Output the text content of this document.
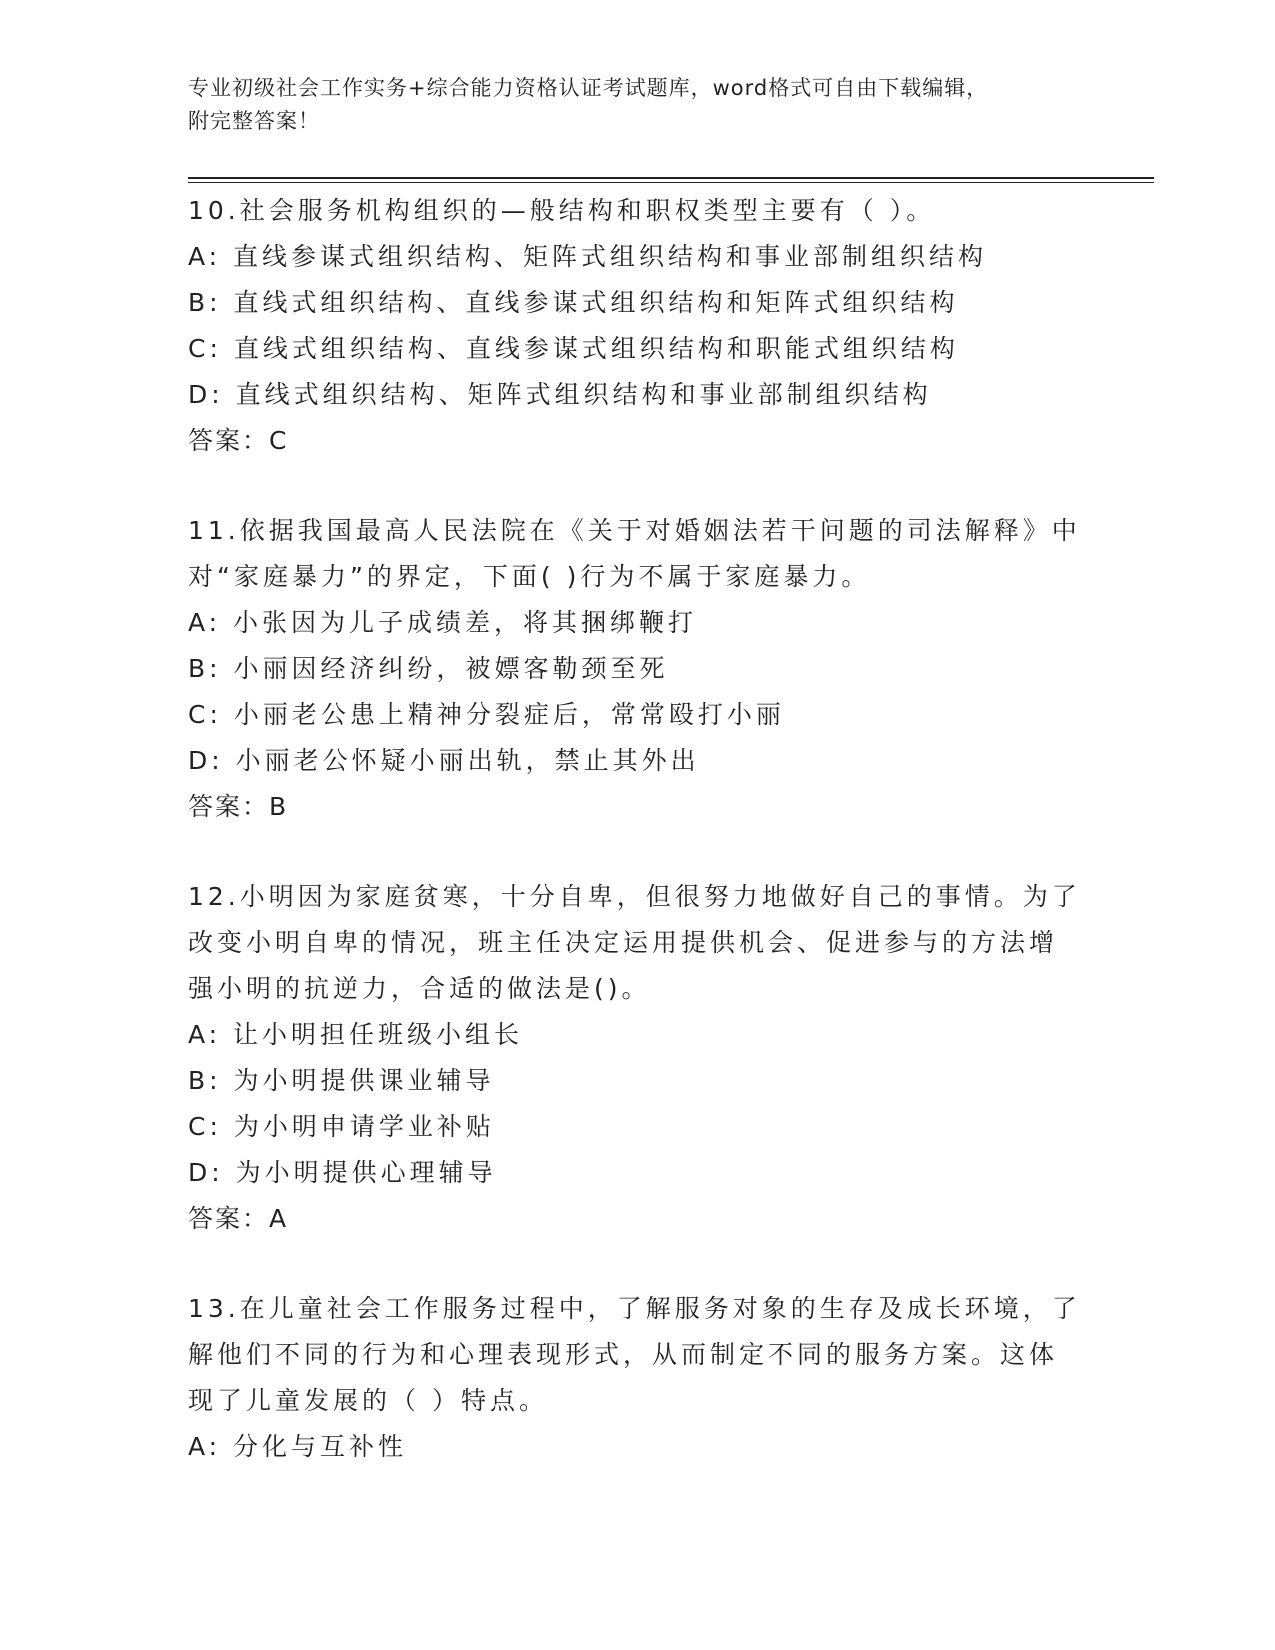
专业初级社会工作实务+综合能力资格认证考试题库，word格式可自由下载编辑，
附完整答案！
10.社会服务机构组织的—般结构和职权类型主要有（ ）。
A: 直线参谋式组织结构、矩阵式组织结构和事业部制组织结构
B: 直线式组织结构、直线参谋式组织结构和矩阵式组织结构
C: 直线式组织结构、直线参谋式组织结构和职能式组织结构
D: 直线式组织结构、矩阵式组织结构和事业部制组织结构
答案：C
11.依据我国最高人民法院在《关于对婚姻法若干问题的司法解释》中
对“家庭暴力”的界定，下面( )行为不属于家庭暴力。
A: 小张因为儿子成绩差，将其捆绑鞭打
B: 小丽因经济纠纷，被嫖客勒颈至死
C: 小丽老公患上精神分裂症后，常常殴打小丽
D: 小丽老公怀疑小丽出轨，禁止其外出
答案：B
12.小明因为家庭贫寒，十分自卑，但很努力地做好自己的事情。为了
改变小明自卑的情况，班主任决定运用提供机会、促进参与的方法增
强小明的抗逆力，合适的做法是()。
A: 让小明担任班级小组长
B: 为小明提供课业辅导
C: 为小明申请学业补贴
D: 为小明提供心理辅导
答案：A
13.在儿童社会工作服务过程中，了解服务对象的生存及成长环境，了
解他们不同的行为和心理表现形式，从而制定不同的服务方案。这体
现了儿童发展的（ ）特点。
A: 分化与互补性
